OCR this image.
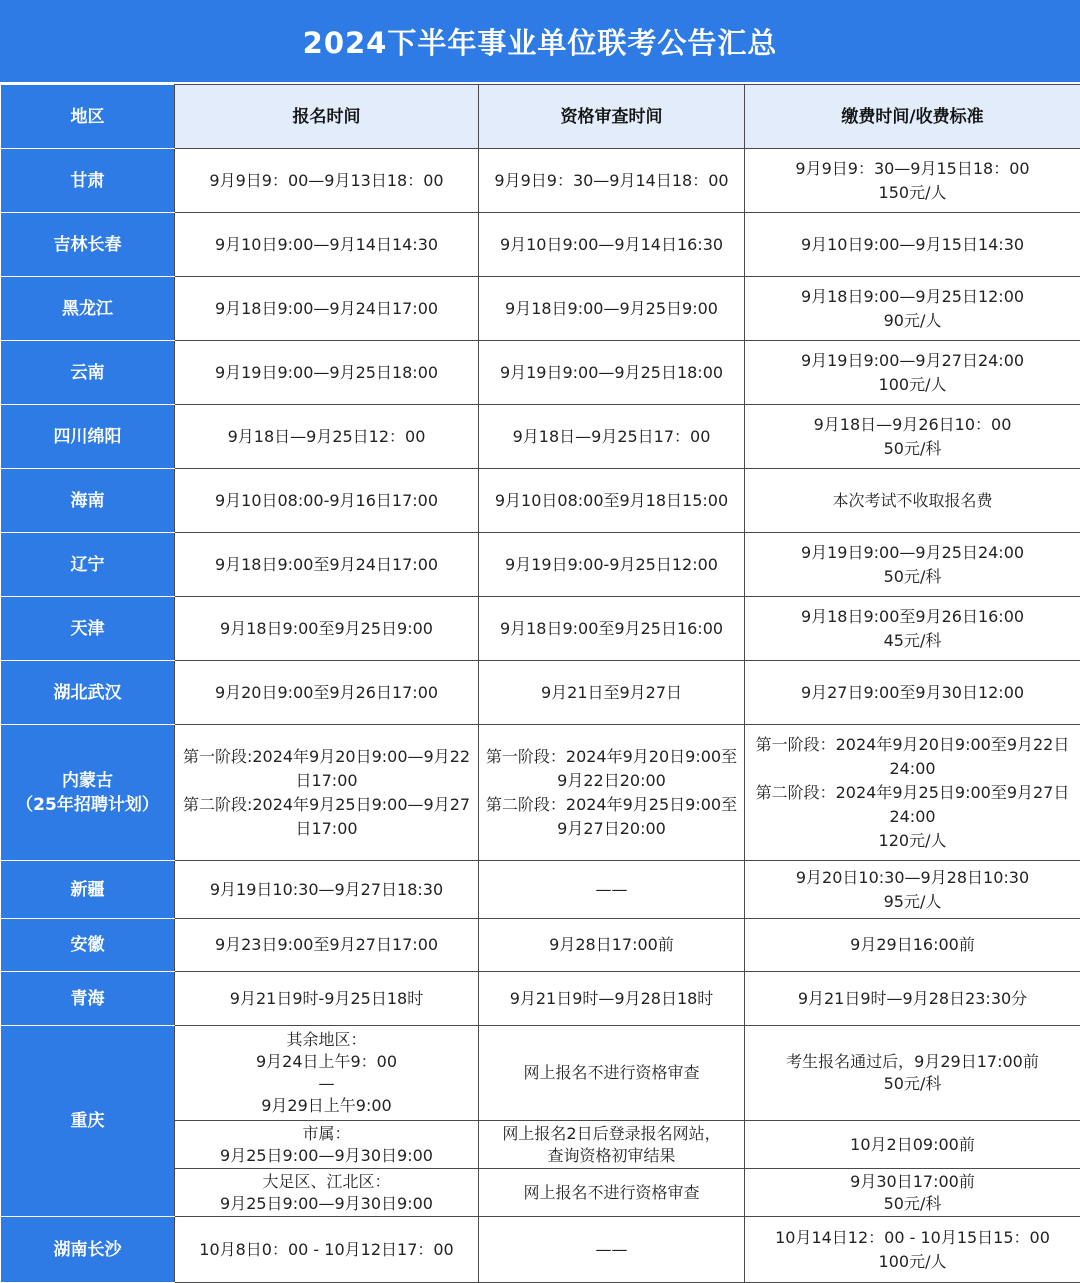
2024下半年事业单位联考公告汇总
地区	报名时间	资格审查时间	缴费时间/收费标准

甘肃	9月9日9：00—9月13日18：00	9月9日9：30—9月14日18：00	9月9日9：30—9月15日18：00
150元/人

吉林长春	9月10日9:00—9月14日14:30	9月10日9:00—9月14日16:30	9月10日9:00—9月15日14:30

黑龙江	9月18日9:00—9月24日17:00	9月18日9:00—9月25日9:00	9月18日9:00—9月25日12:00
90元/人

云南	9月19日9:00—9月25日18:00	9月19日9:00—9月25日18:00	9月19日9:00—9月27日24:00
100元/人

四川绵阳	9月18日—9月25日12：00	9月18日—9月25日17：00	9月18日—9月26日10：00
50元/科

海南	9月10日08:00-9月16日17:00	9月10日08:00至9月18日15:00	本次考试不收取报名费

辽宁	9月18日9:00至9月24日17:00	9月19日9:00-9月25日12:00	9月19日9:00—9月25日24:00
50元/科

天津	9月18日9:00至9月25日9:00	9月18日9:00至9月25日16:00	9月18日9:00至9月26日16:00
45元/科

湖北武汉	9月20日9:00至9月26日17:00	9月21日至9月27日	9月27日9:00至9月30日12:00

内蒙古
（25年招聘计划）	第一阶段:2024年9月20日9:00—9月22
日17:00
第二阶段:2024年9月25日9:00—9月27
日17:00	第一阶段：2024年9月20日9:00至
9月22日20:00
第二阶段：2024年9月25日9:00至
9月27日20:00	第一阶段：2024年9月20日9:00至9月22日
24:00
第二阶段：2024年9月25日9:00至9月27日
24:00
120元/人

新疆	9月19日10:30—9月27日18:30	——	9月20日10:30—9月28日10:30
95元/人

安徽	9月23日9:00至9月27日17:00	9月28日17:00前	9月29日16:00前

青海	9月21日9时-9月25日18时	9月21日9时—9月28日18时	9月21日9时—9月28日23:30分

重庆	其余地区：
9月24日上午9：00
—
9月29日上午9:00	网上报名不进行资格审查	考生报名通过后，9月29日17:00前
50元/科

	市属：
9月25日9:00—9月30日9:00	网上报名2日后登录报名网站，
查询资格初审结果	10月2日09:00前

	大足区、江北区：
9月25日9:00—9月30日9:00	网上报名不进行资格审查	9月30日17:00前
50元/科

湖南长沙	10月8日0：00 - 10月12日17：00	——	10月14日12：00 - 10月15日15：00
100元/人
